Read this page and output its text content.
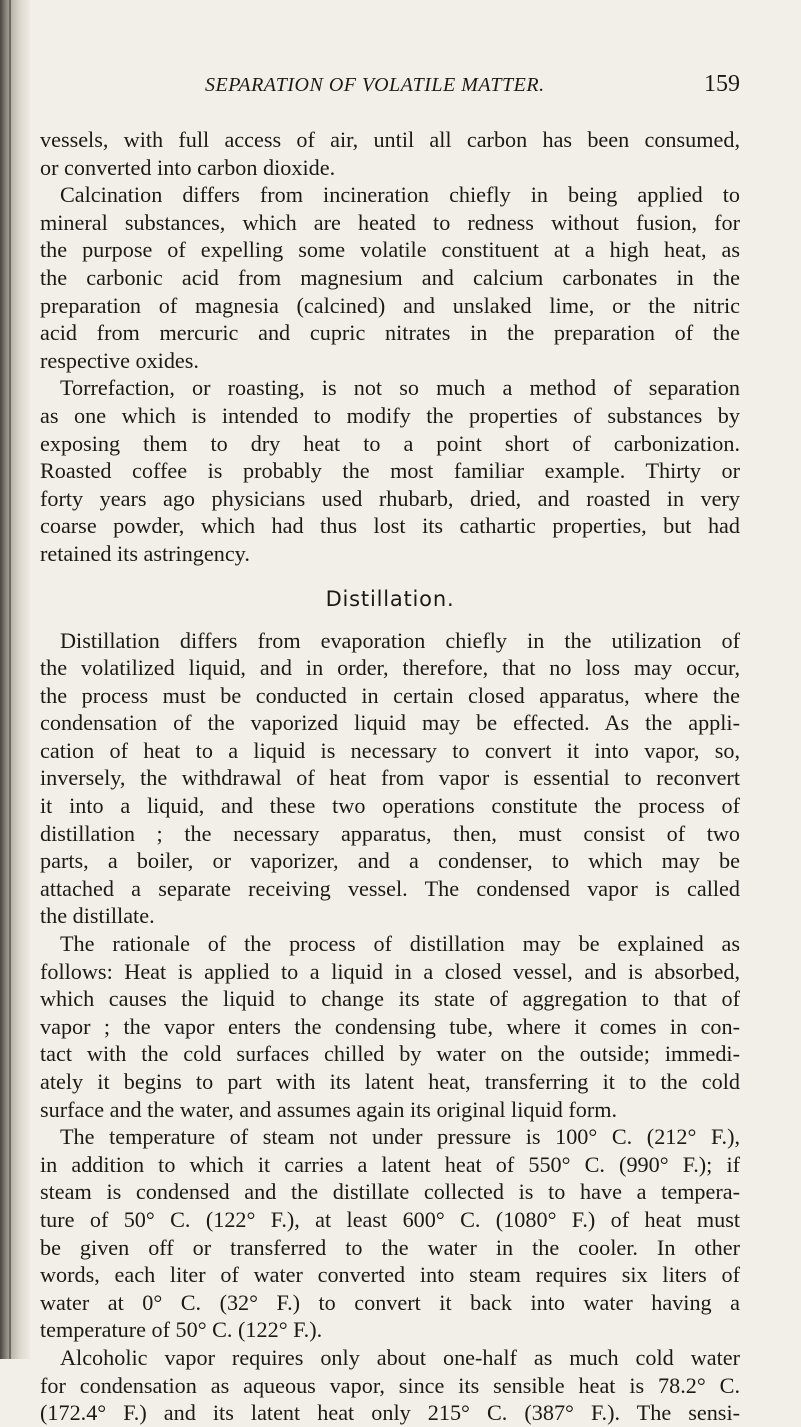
SEPARATION OF VOLATILE MATTER.	159
vessels, with full access of air, until all carbon has been consumed,
or converted into carbon dioxide.
Calcination differs from incineration chiefly in being applied to
mineral substances, which are heated to redness without fusion, for
the purpose of expelling some volatile constituent at a high heat, as
the carbonic acid from magnesium and calcium carbonates in the
preparation of magnesia (calcined) and unslaked lime, or the nitric
acid from mercuric and cupric nitrates in the preparation of the
respective oxides.
Torrefaction, or roasting, is not so much a method of separation
as one which is intended to modify the properties of substances by
exposing them to dry heat to a point short of carbonization.
Roasted coffee is probably the most familiar example. Thirty or
forty years ago physicians used rhubarb, dried, and roasted in very
coarse powder, which had thus lost its cathartic properties, but had
retained its astringency.
Distillation.
Distillation differs from evaporation chiefly in the utilization of
the volatilized liquid, and in order, therefore, that no loss may occur,
the process must be conducted in certain closed apparatus, where the
condensation of the vaporized liquid may be effected. As the appli-
cation of heat to a liquid is necessary to convert it into vapor, so,
inversely, the withdrawal of heat from vapor is essential to reconvert
it into a liquid, and these two operations constitute the process of
distillation ; the necessary apparatus, then, must consist of two
parts, a boiler, or vaporizer, and a condenser, to which may be
attached a separate receiving vessel. The condensed vapor is called
the distillate.
The rationale of the process of distillation may be explained as
follows: Heat is applied to a liquid in a closed vessel, and is absorbed,
which causes the liquid to change its state of aggregation to that of
vapor ; the vapor enters the condensing tube, where it comes in con-
tact with the cold surfaces chilled by water on the outside; immedi-
ately it begins to part with its latent heat, transferring it to the cold
surface and the water, and assumes again its original liquid form.
The temperature of steam not under pressure is 100° C. (212° F.),
in addition to which it carries a latent heat of 550° C. (990° F.); if
steam is condensed and the distillate collected is to have a tempera-
ture of 50° C. (122° F.), at least 600° C. (1080° F.) of heat must
be given off or transferred to the water in the cooler. In other
words, each liter of water converted into steam requires six liters of
water at 0° C. (32° F.) to convert it back into water having a
temperature of 50° C. (122° F.).
Alcoholic vapor requires only about one-half as much cold water
for condensation as aqueous vapor, since its sensible heat is 78.2° C.
(172.4° F.) and its latent heat only 215° C. (387° F.). The sensi-
